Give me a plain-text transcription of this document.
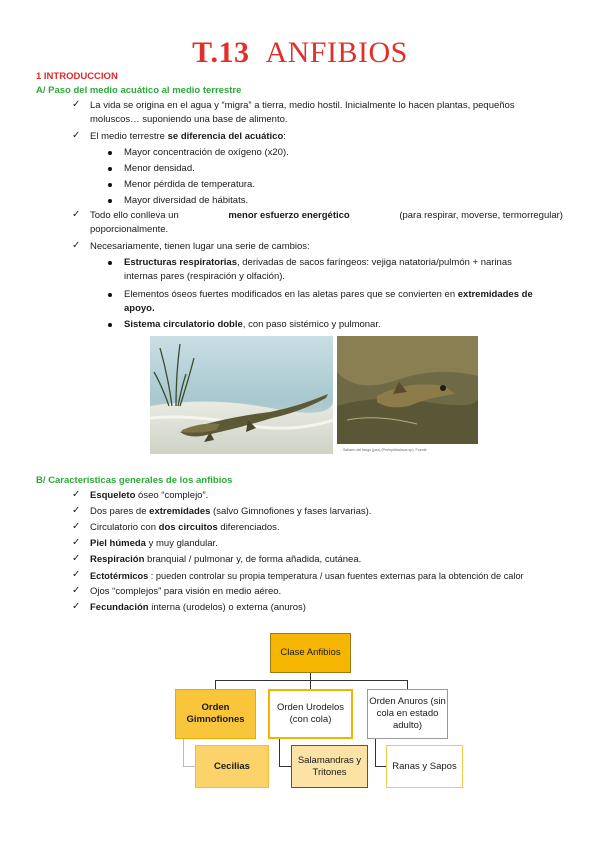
T.13 ANFIBIOS
1 INTRODUCCION
A/ Paso del medio acuático al medio terrestre
✓ La vida se origina en el agua y “migra” a tierra, medio hostil. Inicialmente lo hacen plantas, pequeños
moluscos… suponiendo una base de alimento.
✓ El medio terrestre se diferencia del acuático:
Mayor concentración de oxígeno (x20).
Menor densidad.
Menor pérdida de temperatura.
Mayor diversidad de hábitats.
✓ Todo ello conlleva un	menor esfuerzo energético	(para respirar, moverse, termorregular)
poporcionalmente.
✓ Necesariamente, tienen lugar una serie de cambios:
Estructuras respiratorias, derivadas de sacos faríngeos: vejiga natatoria/pulmón + narinas
internas pares (respiración y olfación).
Elementos óseos fuertes modificados en las aletas pares que se convierten en extremidades de
apoyo.
Sistema circulatorio doble, con paso sistémico y pulmonar.
Saltarín del fango (pez) (Periophthalmus sp). Fuente
B/ Características generales de los anfibios
✓ Esqueleto óseo “complejo”.
✓ Dos pares de extremidades (salvo Gimnofiones y fases larvarias).
✓ Circulatorio con dos circuitos diferenciados.
✓ Piel húmeda y muy glandular.
✓ Respiración branquial / pulmonar y, de forma añadida, cutánea.
✓ Ectotérmicos : pueden controlar su propia temperatura / usan fuentes externas para la obtención de calor
✓ Ojos “complejos” para visión en medio aéreo.
✓ Fecundación interna (urodelos) o externa (anuros)
Clase Anfibios
Orden Gimnofiones
Orden Urodelos (con cola)
Orden Anuros (sin cola en estado adulto)
Cecilias
Salamandras y Tritones
Ranas y Sapos
